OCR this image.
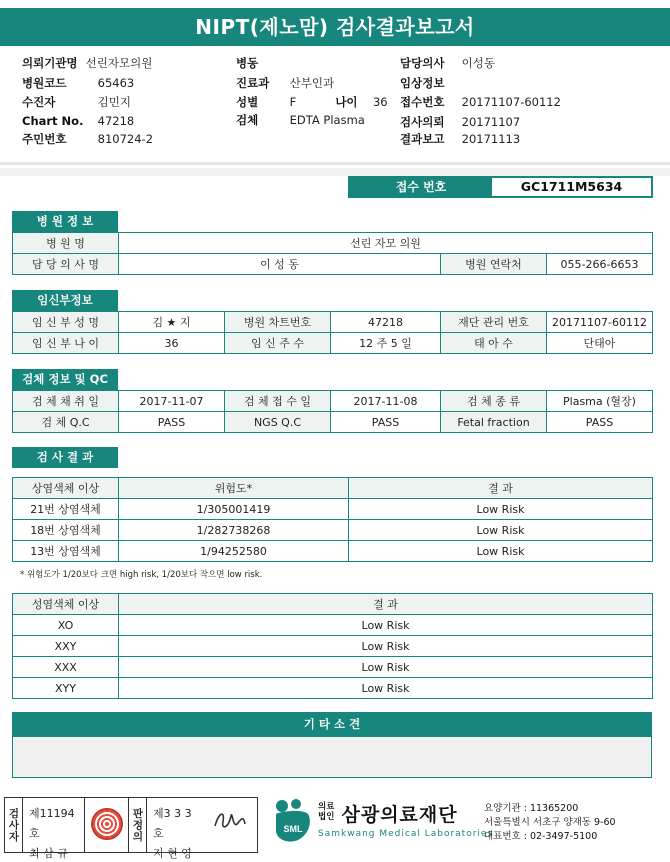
NIPT(제노맘) 검사결과보고서
의뢰기관명 선린자모의원
병원코드	65463
수진자	김민지
Chart No. 47218
주민번호	810724-2
병동
진료과 산부인과
성별	F	나이 36
검체	EDTA Plasma
담당의사 이성동
임상정보
접수번호 20171107-60112
검사의뢰 20171107
결과보고 20171113
접수 번호	GC1711M5634
병 원 정 보
병 원 명	선린 자모 의원		
담 당 의 사 명	이 성 동	병원 연락처	055-266-6653
임신부정보
임 신 부 성 명	김 ★ 지	병원 차트번호	47218	재단 관리 번호	20171107-60112
임 신 부 나 이	36	임 신 주 수	12 주 5 일	태 아 수	단태아
검체 정보 및 QC
검 체 채 취 일	2017-11-07	검 체 접 수 일	2017-11-08	검 체 종 류	Plasma (혈장)
검 체 Q.C	PASS	NGS Q.C	PASS	Fetal fraction	PASS
검 사 결 과
상염색체 이상	위험도*	결 과
21번 상염색체	1/305001419	Low Risk
18번 상염색체	1/282738268	Low Risk
13번 상염색체	1/94252580	Low Risk
* 위험도가 1/20보다 크면 high risk, 1/20보다 작으면 low risk.
성염색체 이상	결 과
XO	Low Risk
XXY	Low Risk
XXX	Low Risk
XYY	Low Risk
기 타 소 견
검사자 제11194호
최 삼 규
판정의 제3 3 3 호
지 현 영
SML
의료법인 삼광의료재단
Samkwang Medical Laboratories
요양기관 : 11365200
서울특별시 서초구 양재동 9-60
대표번호 : 02-3497-5100
